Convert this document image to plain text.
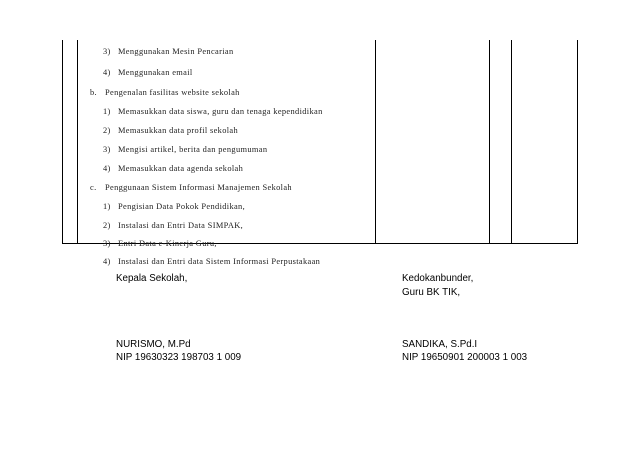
3) Menggunakan Mesin Pencarian
4) Menggunakan email
b. Pengenalan fasilitas website sekolah
1) Memasukkan data siswa, guru dan tenaga kependidikan
2) Memasukkan data profil sekolah
3) Mengisi artikel, berita dan pengumuman
4) Memasukkan data agenda sekolah
c. Penggunaan Sistem Informasi Manajemen Sekolah
1) Pengisian Data Pokok Pendidikan,
2) Instalasi dan Entri Data SIMPAK,
3) Entri Data e-Kinerja Guru,
4) Instalasi dan Entri data Sistem Informasi Perpustakaan
Kepala Sekolah,
NURISMO, M.Pd
NIP 19630323 198703 1 009
Kedokanbunder,
Guru BK TIK,
SANDIKA, S.Pd.I
NIP 19650901 200003 1 003
